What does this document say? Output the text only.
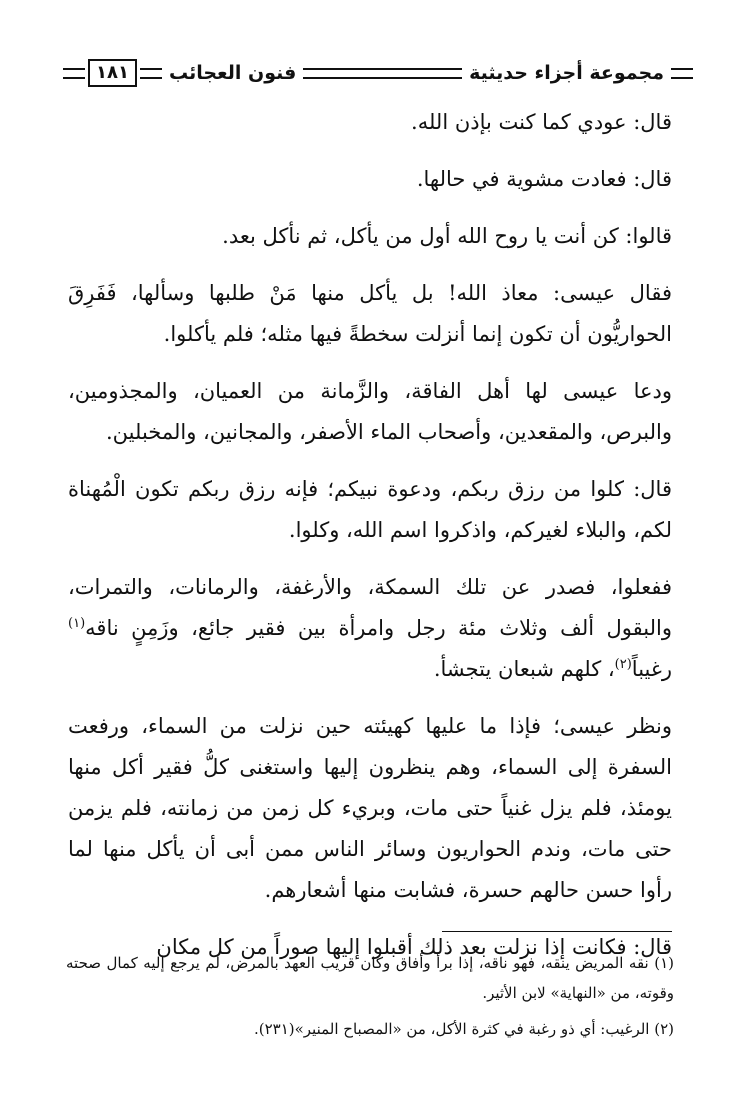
مجموعة أجزاء حديثية
فنون العجائب
١٨١

قال: عودي كما كنت بإذن الله.

قال: فعادت مشوية في حالها.

قالوا: كن أنت يا روح الله أول من يأكل، ثم نأكل بعد.

فقال عيسى: معاذ الله! بل يأكل منها مَنْ طلبها وسألها، فَفَرِقَ الحواريُّون أن تكون إنما أنزلت سخطةً فيها مثله؛ فلم يأكلوا.

ودعا عيسى لها أهل الفاقة، والزَّمانة من العميان، والمجذومين، والبرص، والمقعدين، وأصحاب الماء الأصفر، والمجانين، والمخبلين.

قال: كلوا من رزق ربكم، ودعوة نبيكم؛ فإنه رزق ربكم تكون الْمُهناة لكم، والبلاء لغيركم، واذكروا اسم الله، وكلوا.

ففعلوا، فصدر عن تلك السمكة، والأرغفة، والرمانات، والتمرات، والبقول ألف وثلاث مئة رجل وامرأة بين فقير جائع، وزَمِنٍ ناقه$^{(١)}$ رغيباً$^{(٢)}$، كلهم شبعان يتجشأ.

ونظر عيسى؛ فإذا ما عليها كهيئته حين نزلت من السماء، ورفعت السفرة إلى السماء، وهم ينظرون إليها واستغنى كلُّ فقير أكل منها يومئذ، فلم يزل غنياً حتى مات، وبريء كل زمن من زمانته، فلم يزمن حتى مات، وندم الحواريون وسائر الناس ممن أبى أن يأكل منها لما رأوا حسن حالهم حسرة، فشابت منها أشعارهم.

قال: فكانت إذا نزلت بعد ذلك أقبلوا إليها صوراً من كل مكان

(١) نقه المريض ينقه، فهو ناقه، إذا برأ وأفاق وكان قريب العهد بالمرض، لم يرجع إليه كمال صحته وقوته، من «النهاية» لابن الأثير.

(٢) الرغيب: أي ذو رغبة في كثرة الأكل، من «المصباح المنير»(٢٣١).
